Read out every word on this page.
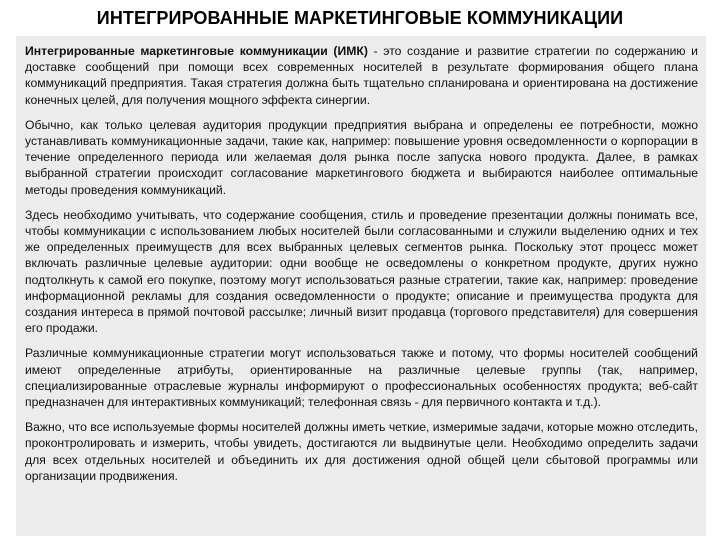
ИНТЕГРИРОВАННЫЕ МАРКЕТИНГОВЫЕ КОММУНИКАЦИИ

Интегрированные маркетинговые коммуникации (ИМК) - это создание и развитие стратегии по содержанию и доставке сообщений при помощи всех современных носителей в результате формирования общего плана коммуникаций предприятия. Такая стратегия должна быть тщательно спланирована и ориентирована на достижение конечных целей, для получения мощного эффекта синергии.

Обычно, как только целевая аудитория продукции предприятия выбрана и определены ее потребности, можно устанавливать коммуникационные задачи, такие как, например: повышение уровня осведомленности о корпорации в течение определенного периода или желаемая доля рынка после запуска нового продукта. Далее, в рамках выбранной стратегии происходит согласование маркетингового бюджета и выбираются наиболее оптимальные методы проведения коммуникаций.

Здесь необходимо учитывать, что содержание сообщения, стиль и проведение презентации должны понимать все, чтобы коммуникации с использованием любых носителей были согласованными и служили выделению одних и тех же определенных преимуществ для всех выбранных целевых сегментов рынка. Поскольку этот процесс может включать различные целевые аудитории: одни вообще не осведомлены о конкретном продукте, других нужно подтолкнуть к самой его покупке, поэтому могут использоваться разные стратегии, такие как, например: проведение информационной рекламы для создания осведомленности о продукте; описание и преимущества продукта для создания интереса в прямой почтовой рассылке; личный визит продавца (торгового представителя) для совершения его продажи.

Различные коммуникационные стратегии могут использоваться также и потому, что формы носителей сообщений имеют определенные атрибуты, ориентированные на различные целевые группы (так, например, специализированные отраслевые журналы информируют о профессиональных особенностях продукта; веб-сайт предназначен для интерактивных коммуникаций; телефонная связь - для первичного контакта и т.д.).

Важно, что все используемые формы носителей должны иметь четкие, измеримые задачи, которые можно отследить, проконтролировать и измерить, чтобы увидеть, достигаются ли выдвинутые цели. Необходимо определить задачи для всех отдельных носителей и объединить их для достижения одной общей цели сбытовой программы или организации продвижения.
